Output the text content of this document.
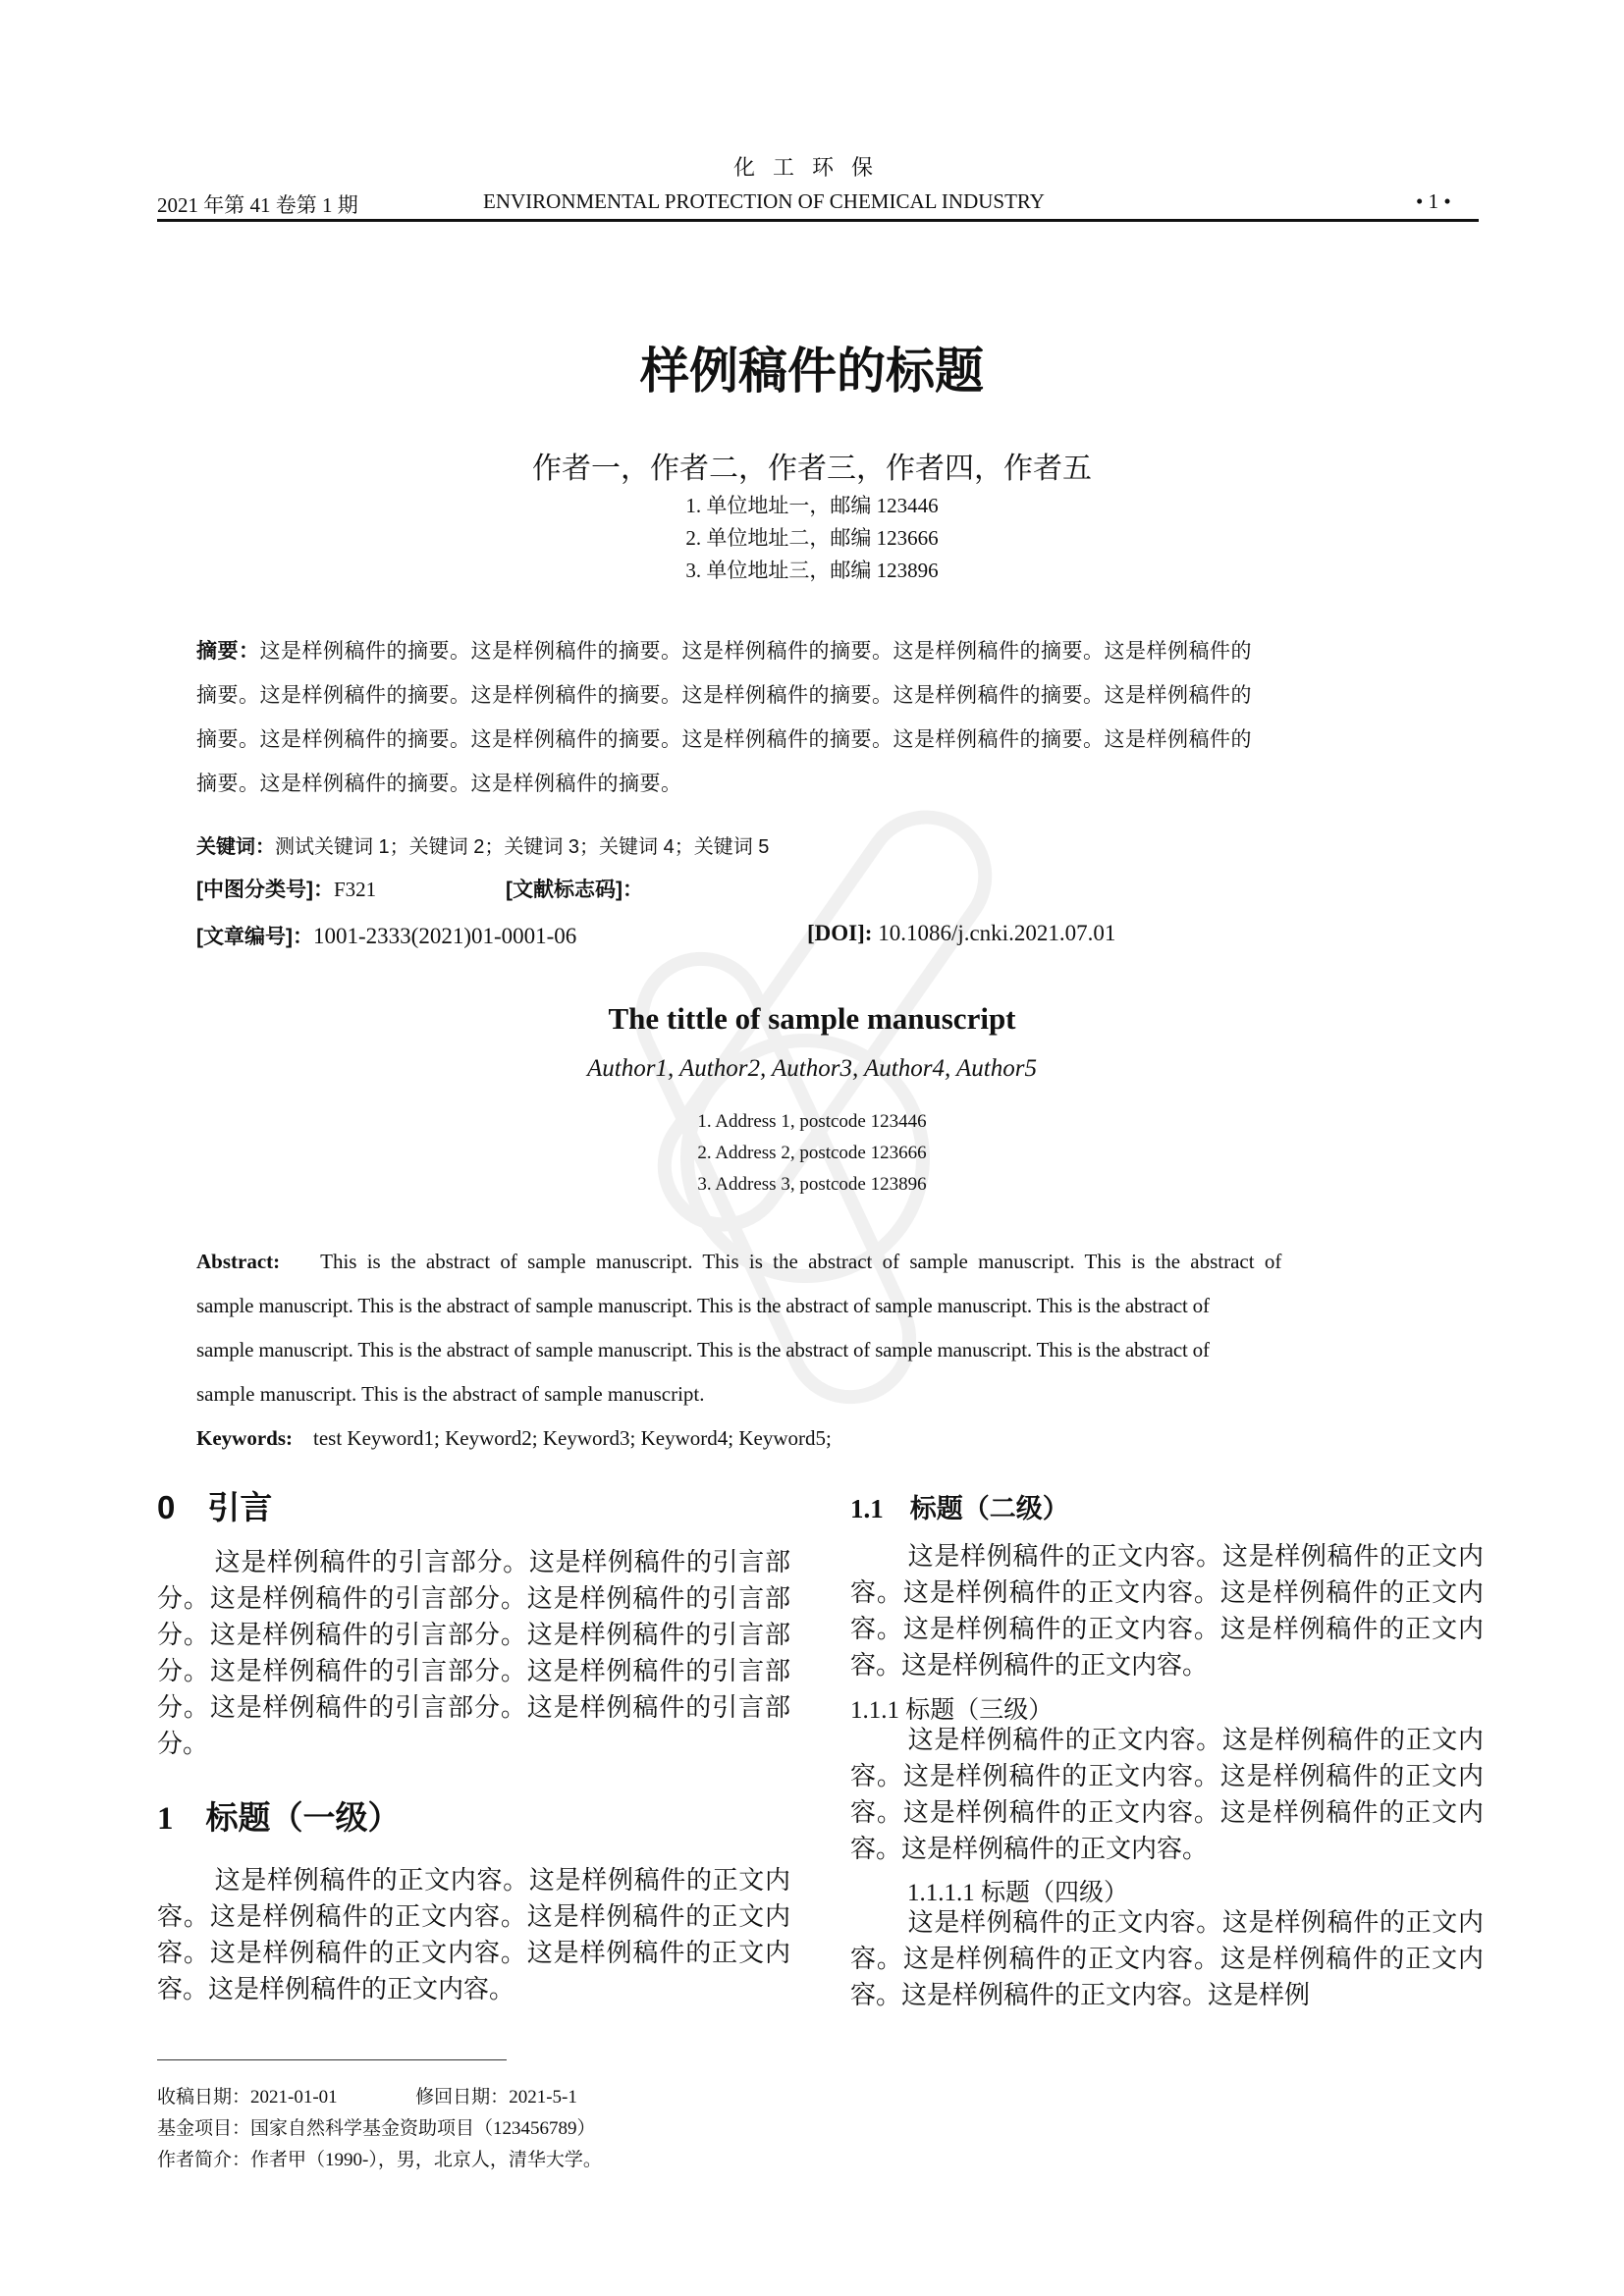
化工环保
2021 年第 41 卷第 1 期	ENVIRONMENTAL PROTECTION OF CHEMICAL INDUSTRY	• 1 •
样例稿件的标题
作者一，作者二，作者三，作者四，作者五
1. 单位地址一，邮编 123446
2. 单位地址二，邮编 123666
3. 单位地址三，邮编 123896
摘要：这是样例稿件的摘要。这是样例稿件的摘要。这是样例稿件的摘要。这是样例稿件的摘要。这是样例稿件的
摘要。这是样例稿件的摘要。这是样例稿件的摘要。这是样例稿件的摘要。这是样例稿件的摘要。这是样例稿件的
摘要。这是样例稿件的摘要。这是样例稿件的摘要。这是样例稿件的摘要。这是样例稿件的摘要。这是样例稿件的
摘要。这是样例稿件的摘要。这是样例稿件的摘要。
关键词：测试关键词 1；关键词 2；关键词 3；关键词 4；关键词 5
[中图分类号]：F321	[文献标志码]：
[文章编号]：1001-2333(2021)01-0001-06	[DOI]: 10.1086/j.cnki.2021.07.01
The tittle of sample manuscript
Author1, Author2, Author3, Author4, Author5
1. Address 1, postcode 123446
2. Address 2, postcode 123666
3. Address 3, postcode 123896
Abstract: This is the abstract of sample manuscript. This is the abstract of sample manuscript. This is the abstract of
sample manuscript. This is the abstract of sample manuscript. This is the abstract of sample manuscript. This is the abstract of
sample manuscript. This is the abstract of sample manuscript. This is the abstract of sample manuscript. This is the abstract of
sample manuscript. This is the abstract of sample manuscript.
Keywords: test Keyword1; Keyword2; Keyword3; Keyword4; Keyword5;
0　引言
这是样例稿件的引言部分。这是样例稿件的引言部分。这是样例稿件的引言部分。这是样例稿件的引言部分。这是样例稿件的引言部分。这是样例稿件的引言部分。这是样例稿件的引言部分。这是样例稿件的引言部分。这是样例稿件的引言部分。这是样例稿件的引言部分。
1　标题（一级）
这是样例稿件的正文内容。这是样例稿件的正文内容。这是样例稿件的正文内容。这是样例稿件的正文内容。这是样例稿件的正文内容。这是样例稿件的正文内容。这是样例稿件的正文内容。
1.1　标题（二级）
这是样例稿件的正文内容。这是样例稿件的正文内容。这是样例稿件的正文内容。这是样例稿件的正文内容。这是样例稿件的正文内容。这是样例稿件的正文内容。这是样例稿件的正文内容。
1.1.1 标题（三级）
这是样例稿件的正文内容。这是样例稿件的正文内容。这是样例稿件的正文内容。这是样例稿件的正文内容。这是样例稿件的正文内容。这是样例稿件的正文内容。这是样例稿件的正文内容。
1.1.1.1 标题（四级）
这是样例稿件的正文内容。这是样例稿件的正文内容。这是样例稿件的正文内容。这是样例稿件的正文内容。这是样例稿件的正文内容。这是样例
收稿日期：2021-01-01	修回日期：2021-5-1
基金项目：国家自然科学基金资助项目（123456789）
作者简介：作者甲（1990-），男，北京人，清华大学。
